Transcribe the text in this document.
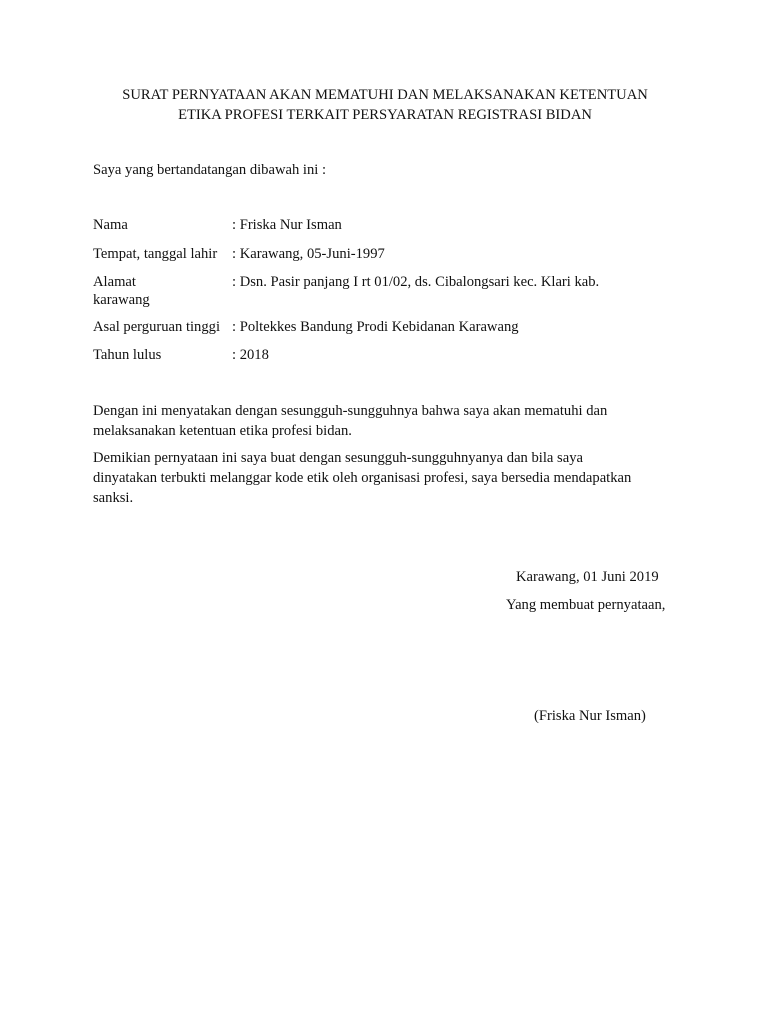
SURAT PERNYATAAN AKAN MEMATUHI DAN MELAKSANAKAN KETENTUAN
ETIKA PROFESI TERKAIT PERSYARATAN REGISTRASI BIDAN

Saya yang bertandatangan dibawah ini :

Nama	: Friska Nur Isman
Tempat, tanggal lahir : Karawang, 05-Juni-1997
Alamat	: Dsn. Pasir panjang I rt 01/02, ds. Cibalongsari kec. Klari kab.
karawang
Asal perguruan tinggi : Poltekkes Bandung Prodi Kebidanan Karawang
Tahun lulus	: 2018
Dengan ini menyatakan dengan sesungguh-sungguhnya bahwa saya akan mematuhi dan
melaksanakan ketentuan etika profesi bidan.
Demikian pernyataan ini saya buat dengan sesungguh-sungguhnyanya dan bila saya
dinyatakan terbukti melanggar kode etik oleh organisasi profesi, saya bersedia mendapatkan
sanksi.
Karawang, 01 Juni 2019
Yang membuat pernyataan,
(Friska Nur Isman)
